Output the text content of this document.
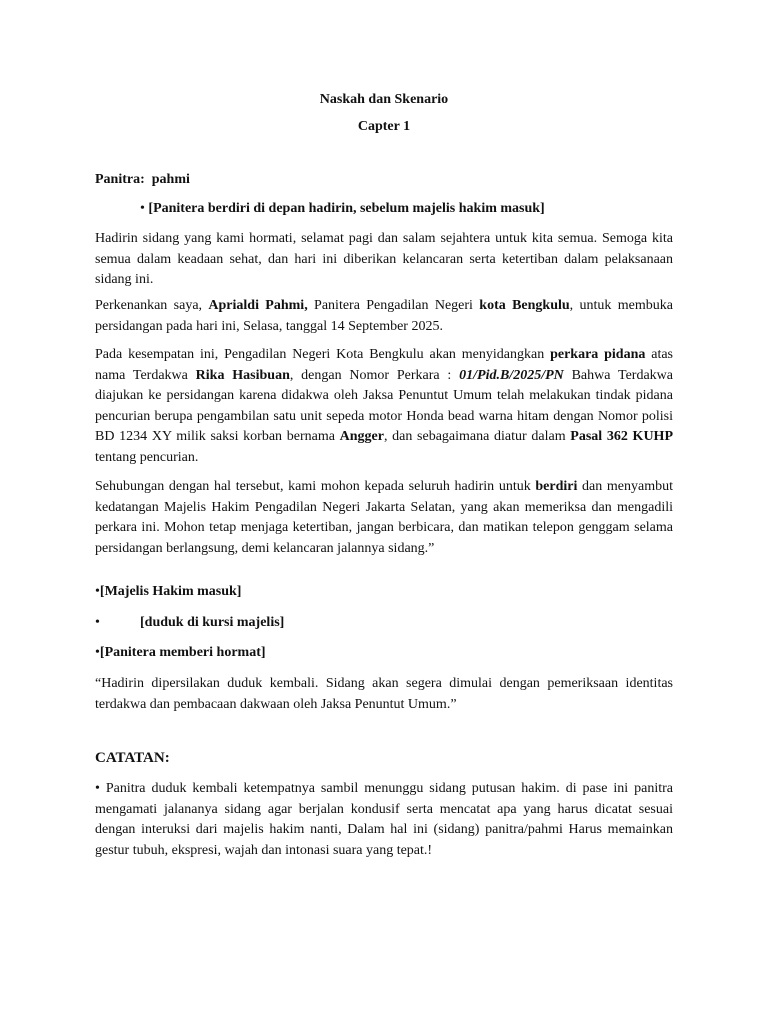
Naskah dan Skenario
Capter 1
Panitra: pahmi
• [Panitera berdiri di depan hadirin, sebelum majelis hakim masuk]
Hadirin sidang yang kami hormati, selamat pagi dan salam sejahtera untuk kita semua. Semoga kita semua dalam keadaan sehat, dan hari ini diberikan kelancaran serta ketertiban dalam pelaksanaan sidang ini.
Perkenankan saya, Aprialdi Pahmi, Panitera Pengadilan Negeri kota Bengkulu, untuk membuka persidangan pada hari ini, Selasa, tanggal 14 September 2025.
Pada kesempatan ini, Pengadilan Negeri Kota Bengkulu akan menyidangkan perkara pidana atas nama Terdakwa Rika Hasibuan, dengan Nomor Perkara : 01/Pid.B/2025/PN Bahwa Terdakwa diajukan ke persidangan karena didakwa oleh Jaksa Penuntut Umum telah melakukan tindak pidana pencurian berupa pengambilan satu unit sepeda motor Honda bead warna hitam dengan Nomor polisi BD 1234 XY milik saksi korban bernama Angger, dan sebagaimana diatur dalam Pasal 362 KUHP tentang pencurian.
Sehubungan dengan hal tersebut, kami mohon kepada seluruh hadirin untuk berdiri dan menyambut kedatangan Majelis Hakim Pengadilan Negeri Jakarta Selatan, yang akan memeriksa dan mengadili perkara ini. Mohon tetap menjaga ketertiban, jangan berbicara, dan matikan telepon genggam selama persidangan berlangsung, demi kelancaran jalannya sidang.”
•[Majelis Hakim masuk]
•	[duduk di kursi majelis]
•[Panitera memberi hormat]
“Hadirin dipersilakan duduk kembali. Sidang akan segera dimulai dengan pemeriksaan identitas terdakwa dan pembacaan dakwaan oleh Jaksa Penuntut Umum.”
CATATAN:
• Panitra duduk kembali ketempatnya sambil menunggu sidang putusan hakim. di pase ini panitra mengamati jalananya sidang agar berjalan kondusif serta mencatat apa yang harus dicatat sesuai dengan interuksi dari majelis hakim nanti, Dalam hal ini (sidang) panitra/pahmi Harus memainkan gestur tubuh, ekspresi, wajah dan intonasi suara yang tepat.!
